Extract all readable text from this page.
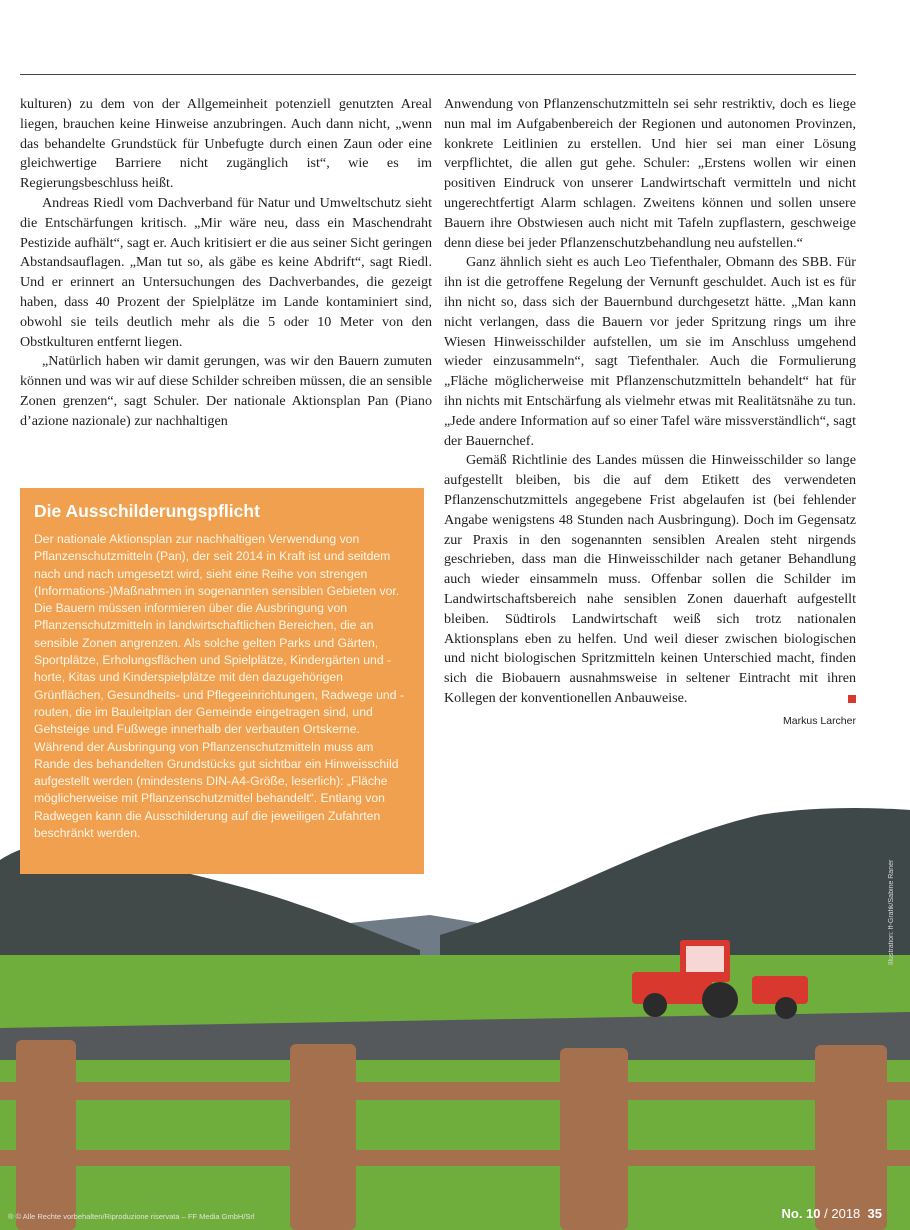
kulturen) zu dem von der Allgemeinheit potenziell genutzten Areal liegen, brauchen keine Hinweise anzubringen. Auch dann nicht, „wenn das behandelte Grundstück für Unbefugte durch einen Zaun oder eine gleichwertige Barriere nicht zugänglich ist“, wie es im Regierungsbeschluss heißt.

Andreas Riedl vom Dachverband für Natur und Umweltschutz sieht die Entschärfungen kritisch. „Mir wäre neu, dass ein Maschendraht Pestizide aufhält“, sagt er. Auch kritisiert er die aus seiner Sicht geringen Abstandsauflagen. „Man tut so, als gäbe es keine Abdrift“, sagt Riedl. Und er erinnert an Untersuchungen des Dachverbandes, die gezeigt haben, dass 40 Prozent der Spielplätze im Lande kontaminiert sind, obwohl sie teils deutlich mehr als die 5 oder 10 Meter von den Obstkulturen entfernt liegen.

„Natürlich haben wir damit gerungen, was wir den Bauern zumuten können und was wir auf diese Schilder schreiben müssen, die an sensible Zonen grenzen“, sagt Schuler. Der nationale Aktionsplan Pan (Piano d’azione nazionale) zur nachhaltigen

Anwendung von Pflanzenschutzmitteln sei sehr restriktiv, doch es liege nun mal im Aufgabenbereich der Regionen und autonomen Provinzen, konkrete Leitlinien zu erstellen. Und hier sei man einer Lösung verpflichtet, die allen gut gehe. Schuler: „Erstens wollen wir einen positiven Eindruck von unserer Landwirtschaft vermitteln und nicht ungerechtfertigt Alarm schlagen. Zweitens können und sollen unsere Bauern ihre Obstwiesen auch nicht mit Tafeln zupflastern, geschweige denn diese bei jeder Pflanzenschutzbehandlung neu aufstellen.“

Ganz ähnlich sieht es auch Leo Tiefenthaler, Obmann des SBB. Für ihn ist die getroffene Regelung der Vernunft geschuldet. Auch ist es für ihn nicht so, dass sich der Bauernbund durchgesetzt hätte. „Man kann nicht verlangen, dass die Bauern vor jeder Spritzung rings um ihre Wiesen Hinweisschilder aufstellen, um sie im Anschluss umgehend wieder einzusammeln“, sagt Tiefenthaler. Auch die Formulierung „Fläche möglicherweise mit Pflanzenschutzmitteln behandelt“ hat für ihn nichts mit Entschärfung als vielmehr etwas mit Realitätsnähe zu tun. „Jede andere Information auf so einer Tafel wäre missverständlich“, sagt der Bauernchef.

Gemäß Richtlinie des Landes müssen die Hinweisschilder so lange aufgestellt bleiben, bis die auf dem Etikett des verwendeten Pflanzenschutzmittels angegebene Frist abgelaufen ist (bei fehlender Angabe wenigstens 48 Stunden nach Ausbringung). Doch im Gegensatz zur Praxis in den sogenannten sensiblen Arealen steht nirgends geschrieben, dass man die Hinweisschilder nach getaner Behandlung auch wieder einsammeln muss. Offenbar sollen die Schilder im Landwirtschaftsbereich nahe sensiblen Zonen dauerhaft aufgestellt bleiben. Südtirols Landwirtschaft weiß sich trotz nationalen Aktionsplans eben zu helfen. Und weil dieser zwischen biologischen und nicht biologischen Spritzmitteln keinen Unterschied macht, finden sich die Biobauern ausnahmsweise in seltener Eintracht mit ihren Kollegen der konventionellen Anbauweise.

Markus Larcher
Die Ausschilderungspflicht

Der nationale Aktionsplan zur nachhaltigen Verwendung von Pflanzenschutzmitteln (Pan), der seit 2014 in Kraft ist und seitdem nach und nach umgesetzt wird, sieht eine Reihe von strengen (Informations-)Maßnahmen in sogenannten sensiblen Gebieten vor. Die Bauern müssen informieren über die Ausbringung von Pflanzenschutzmitteln in landwirtschaftlichen Bereichen, die an sensible Zonen angrenzen. Als solche gelten Parks und Gärten, Sportplätze, Erholungsflächen und Spielplätze, Kindergärten und -horte, Kitas und Kinderspielplätze mit den dazugehörigen Grünflächen, Gesundheits- und Pflegeeinrichtungen, Radwege und -routen, die im Bauleitplan der Gemeinde eingetragen sind, und Gehsteige und Fußwege innerhalb der verbauten Ortskerne. Während der Ausbringung von Pflanzenschutzmitteln muss am Rande des behandelten Grundstücks gut sichtbar ein Hinweisschild aufgestellt werden (mindestens DIN-A4-Größe, leserlich): „Fläche möglicherweise mit Pflanzenschutzmittel behandelt“. Entlang von Radwegen kann die Ausschilderung auf die jeweiligen Zufahrten beschränkt werden.

Illustration: ff-Grafik/Sabine Raner
® © Alle Rechte vorbehalten/Riproduzione riservata – FF Media GmbH/Srl	No. 10 / 2018 35
